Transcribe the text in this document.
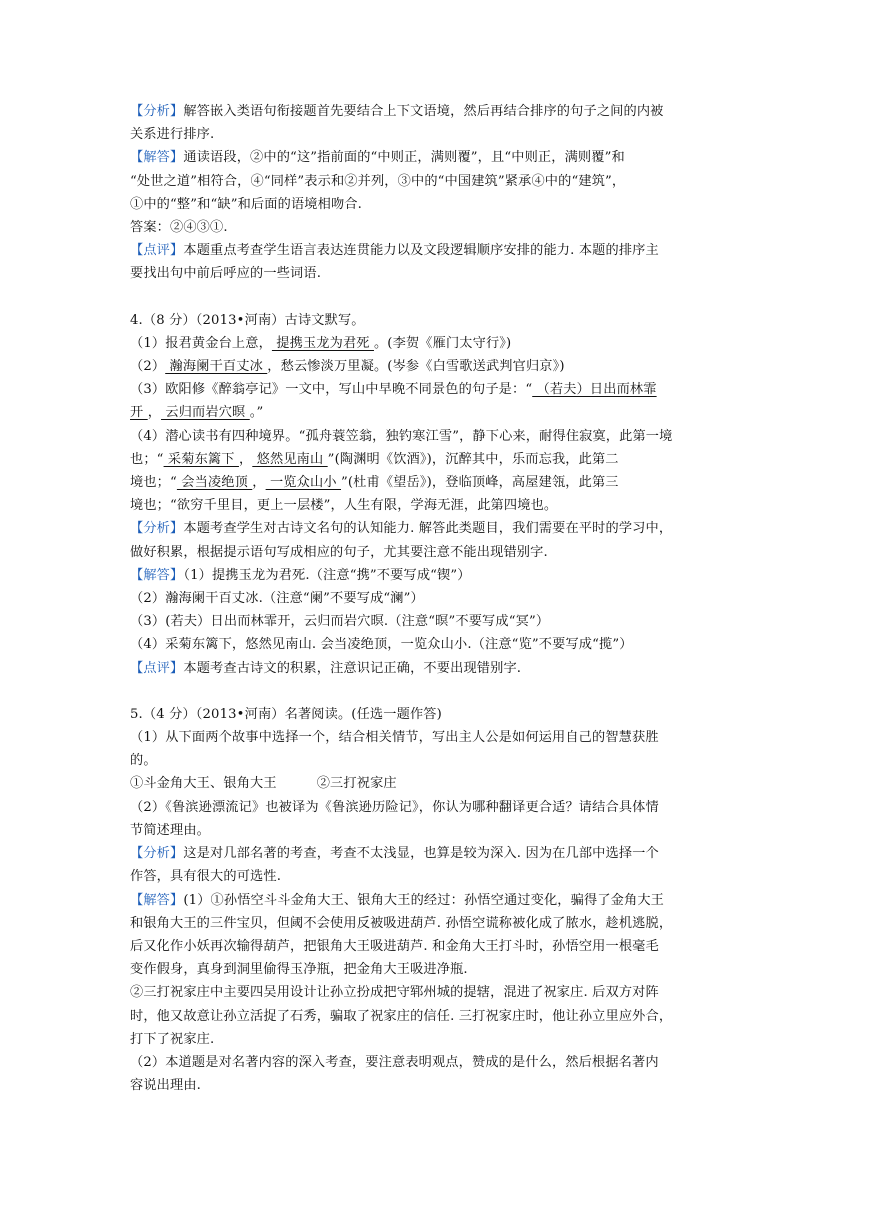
【分析】解答嵌入类语句衔接题首先要结合上下文语境，然后再结合排序的句子之间的内被
关系进行排序.
【解答】通读语段，②中的“这”指前面的“中则正，满则覆”，且“中则正，满则覆”和
“处世之道”相符合，④“同样”表示和②并列，③中的“中国建筑”紧承④中的“建筑”，
①中的“整”和“缺”和后面的语境相吻合.
答案：②④③①.
【点评】本题重点考查学生语言表达连贯能力以及文段逻辑顺序安排的能力. 本题的排序主
要找出句中前后呼应的一些词语.
4.（8 分）（2013•河南）古诗文默写。
（1）报君黄金台上意， 提携玉龙为君死 。(李贺《雁门太守行》)
（2） 瀚海阑干百丈冰 ，愁云惨淡万里凝。(岑参《白雪歌送武判官归京》)
（3）欧阳修《醉翁亭记》一文中，写山中早晚不同景色的句子是：“ （若夫）日出而林霏
开 ， 云归而岩穴暝 。”
（4）潜心读书有四种境界。“孤舟蓑笠翁，独钓寒江雪”，静下心来，耐得住寂寞，此第一境
也；“ 采菊东篱下 ， 悠然见南山 ”(陶渊明《饮酒》)，沉醉其中，乐而忘我，此第二
境也；“ 会当凌绝顶 ， 一览众山小 ”(杜甫《望岳》)，登临顶峰，高屋建瓴，此第三
境也；“欲穷千里目，更上一层楼”，人生有限，学海无涯，此第四境也。
【分析】本题考查学生对古诗文名句的认知能力. 解答此类题目，我们需要在平时的学习中，
做好积累，根据提示语句写成相应的句子，尤其要注意不能出现错别字.
【解答】（1）提携玉龙为君死.（注意“携”不要写成“锲”）
（2）瀚海阑干百丈冰.（注意“阑”不要写成“澜”）
（3）(若夫）日出而林霏开，云归而岩穴暝.（注意“暝”不要写成“冥”）
（4）采菊东篱下，悠然见南山. 会当凌绝顶，一览众山小.（注意“览”不要写成“揽”）
【点评】本题考查古诗文的积累，注意识记正确，不要出现错别字.
5.（4 分）（2013•河南）名著阅读。(任选一题作答)
（1）从下面两个故事中选择一个，结合相关情节，写出主人公是如何运用自己的智慧获胜
的。
①斗金角大王、银角大王	②三打祝家庄
（2）《鲁滨逊漂流记》也被译为《鲁滨逊历险记》，你认为哪种翻译更合适？请结合具体情
节简述理由。
【分析】这是对几部名著的考查，考查不太浅显，也算是较为深入. 因为在几部中选择一个
作答，具有很大的可选性.
【解答】(1）①孙悟空斗斗金角大王、银角大王的经过：孙悟空通过变化，骗得了金角大王
和银角大王的三件宝贝，但阈不会使用反被吸进葫芦. 孙悟空谎称被化成了脓水，趁机逃脱，
后又化作小妖再次输得葫芦，把银角大王吸进葫芦. 和金角大王打斗时，孙悟空用一根毫毛
变作假身，真身到洞里偷得玉净瓶，把金角大王吸进净瓶.
②三打祝家庄中主要四吴用设计让孙立扮成把守郓州城的提辖，混进了祝家庄. 后双方对阵
时，他又故意让孙立活捉了石秀，骗取了祝家庄的信任. 三打祝家庄时，他让孙立里应外合，
打下了祝家庄.
（2）本道题是对名著内容的深入考查，要注意表明观点，赞成的是什么，然后根据名著内
容说出理由.
